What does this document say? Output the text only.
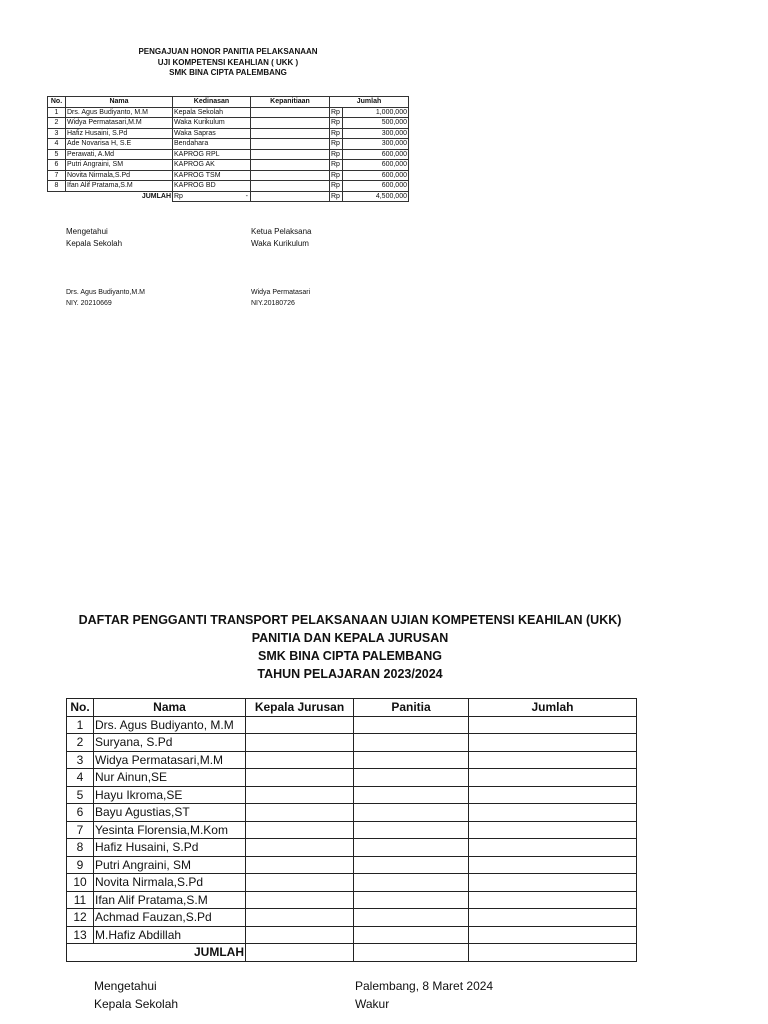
PENGAJUAN HONOR PANITIA PELAKSANAAN
UJI KOMPETENSI KEAHLIAN ( UKK )
SMK BINA CIPTA PALEMBANG
No.	Nama	Kedinasan	Kepanitiaan	Jumlah	
1	Drs. Agus Budiyanto, M.M	Kepala Sekolah		Rp	1,000,000
2	Widya Permatasari,M.M	Waka Kurikulum		Rp	500,000
3	Hafiz Husaini, S.Pd	Waka Sapras		Rp	300,000
4	Ade Novarisa H, S.E	Bendahara		Rp	300,000
5	Perawati, A.Md	KAPROG RPL		Rp	600,000
6	Putri Angraini, SM	KAPROG AK		Rp	600,000
7	Novita Nirmala,S.Pd	KAPROG TSM		Rp	600,000
8	Ifan Alif Pratama,S.M	KAPROG BD		Rp	600,000
JUMLAH		Rp -		Rp	4,500,000
Mengetahui
Kepala Sekolah
Ketua Pelaksana
Waka Kurikulum
Drs. Agus Budiyanto,M.M
NIY. 20210669
Widya Permatasari
NIY.20180726
DAFTAR PENGGANTI TRANSPORT PELAKSANAAN UJIAN KOMPETENSI KEAHILAN (UKK)
PANITIA DAN KEPALA JURUSAN
SMK BINA CIPTA PALEMBANG
TAHUN PELAJARAN 2023/2024
No.	Nama	Kepala Jurusan	Panitia	Jumlah
1	Drs. Agus Budiyanto, M.M			
2	Suryana, S.Pd			
3	Widya Permatasari,M.M			
4	Nur Ainun,SE			
5	Hayu Ikroma,SE			
6	Bayu Agustias,ST			
7	Yesinta Florensia,M.Kom			
8	Hafiz Husaini, S.Pd			
9	Putri Angraini, SM			
10	Novita Nirmala,S.Pd			
11	Ifan Alif Pratama,S.M			
12	Achmad Fauzan,S.Pd			
13	M.Hafiz Abdillah			
JUMLAH				
Mengetahui
Kepala Sekolah
Palembang, 8 Maret 2024
Wakur
